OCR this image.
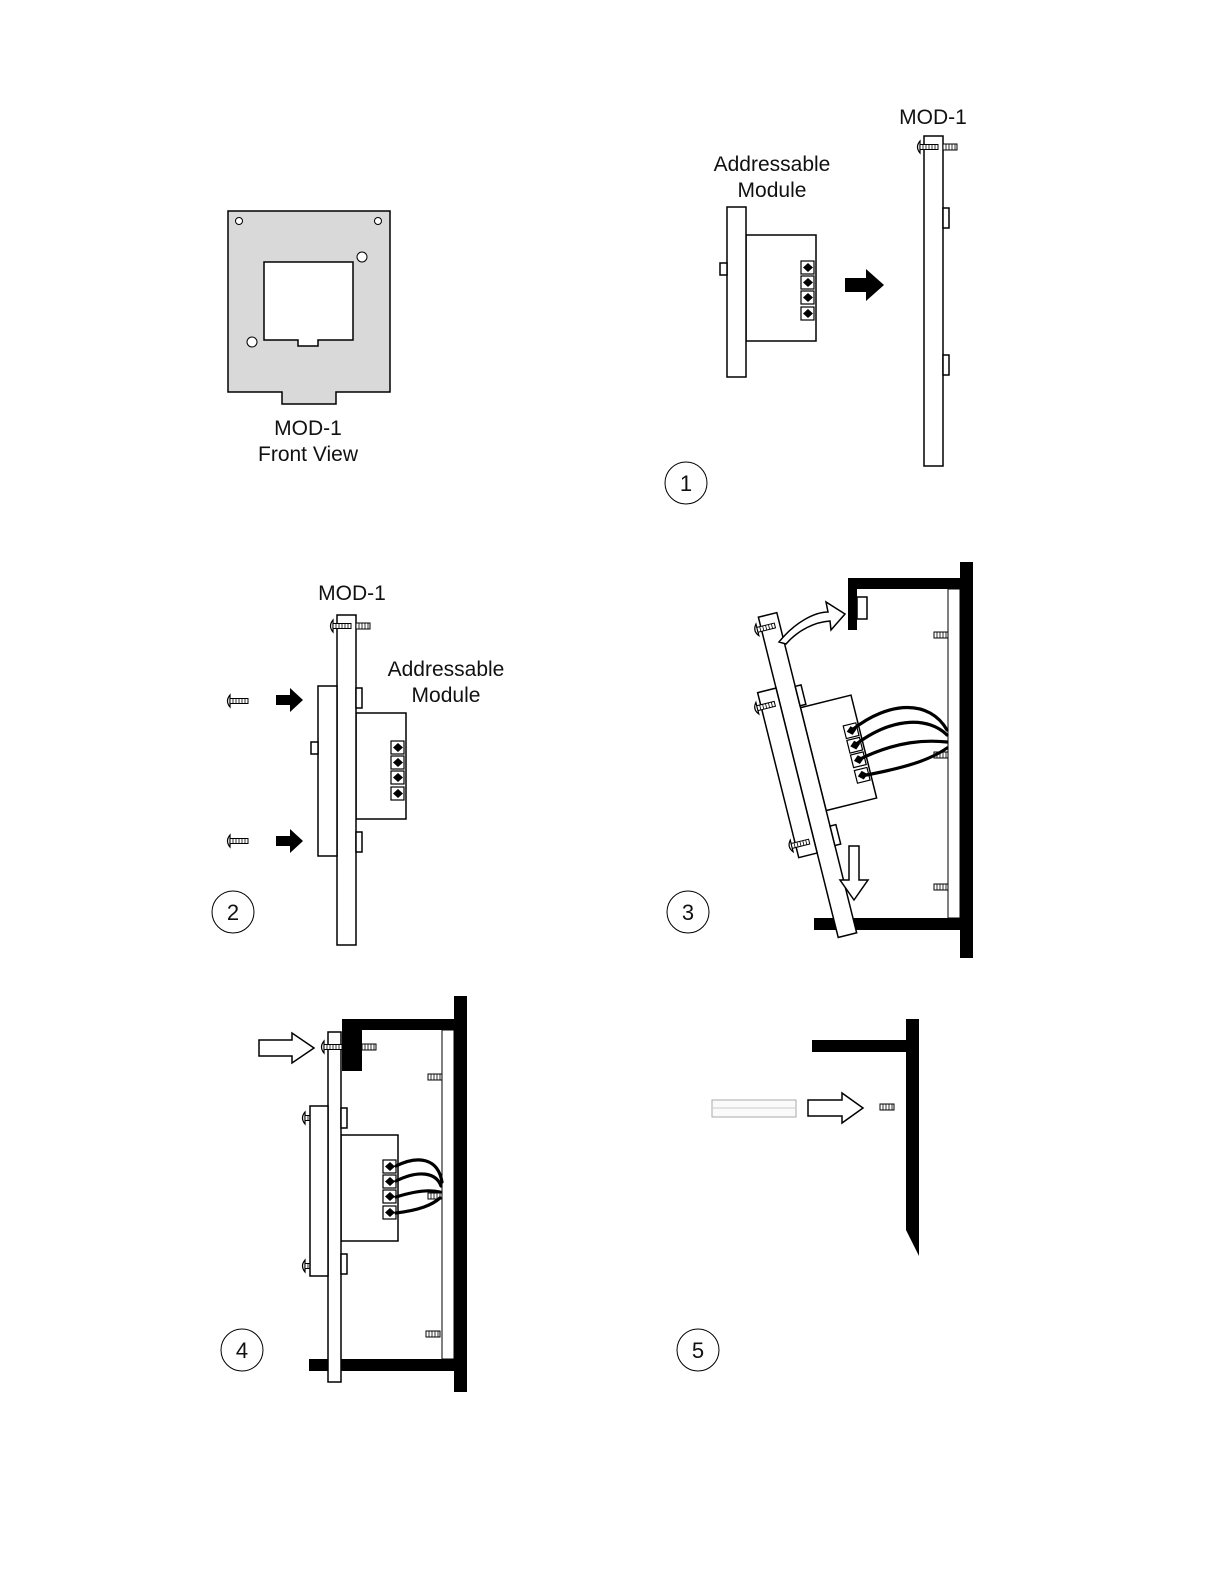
MOD-1
Front View
Addressable
Module
MOD-1
1
MOD-1
Addressable
Module
2	3
4	5
